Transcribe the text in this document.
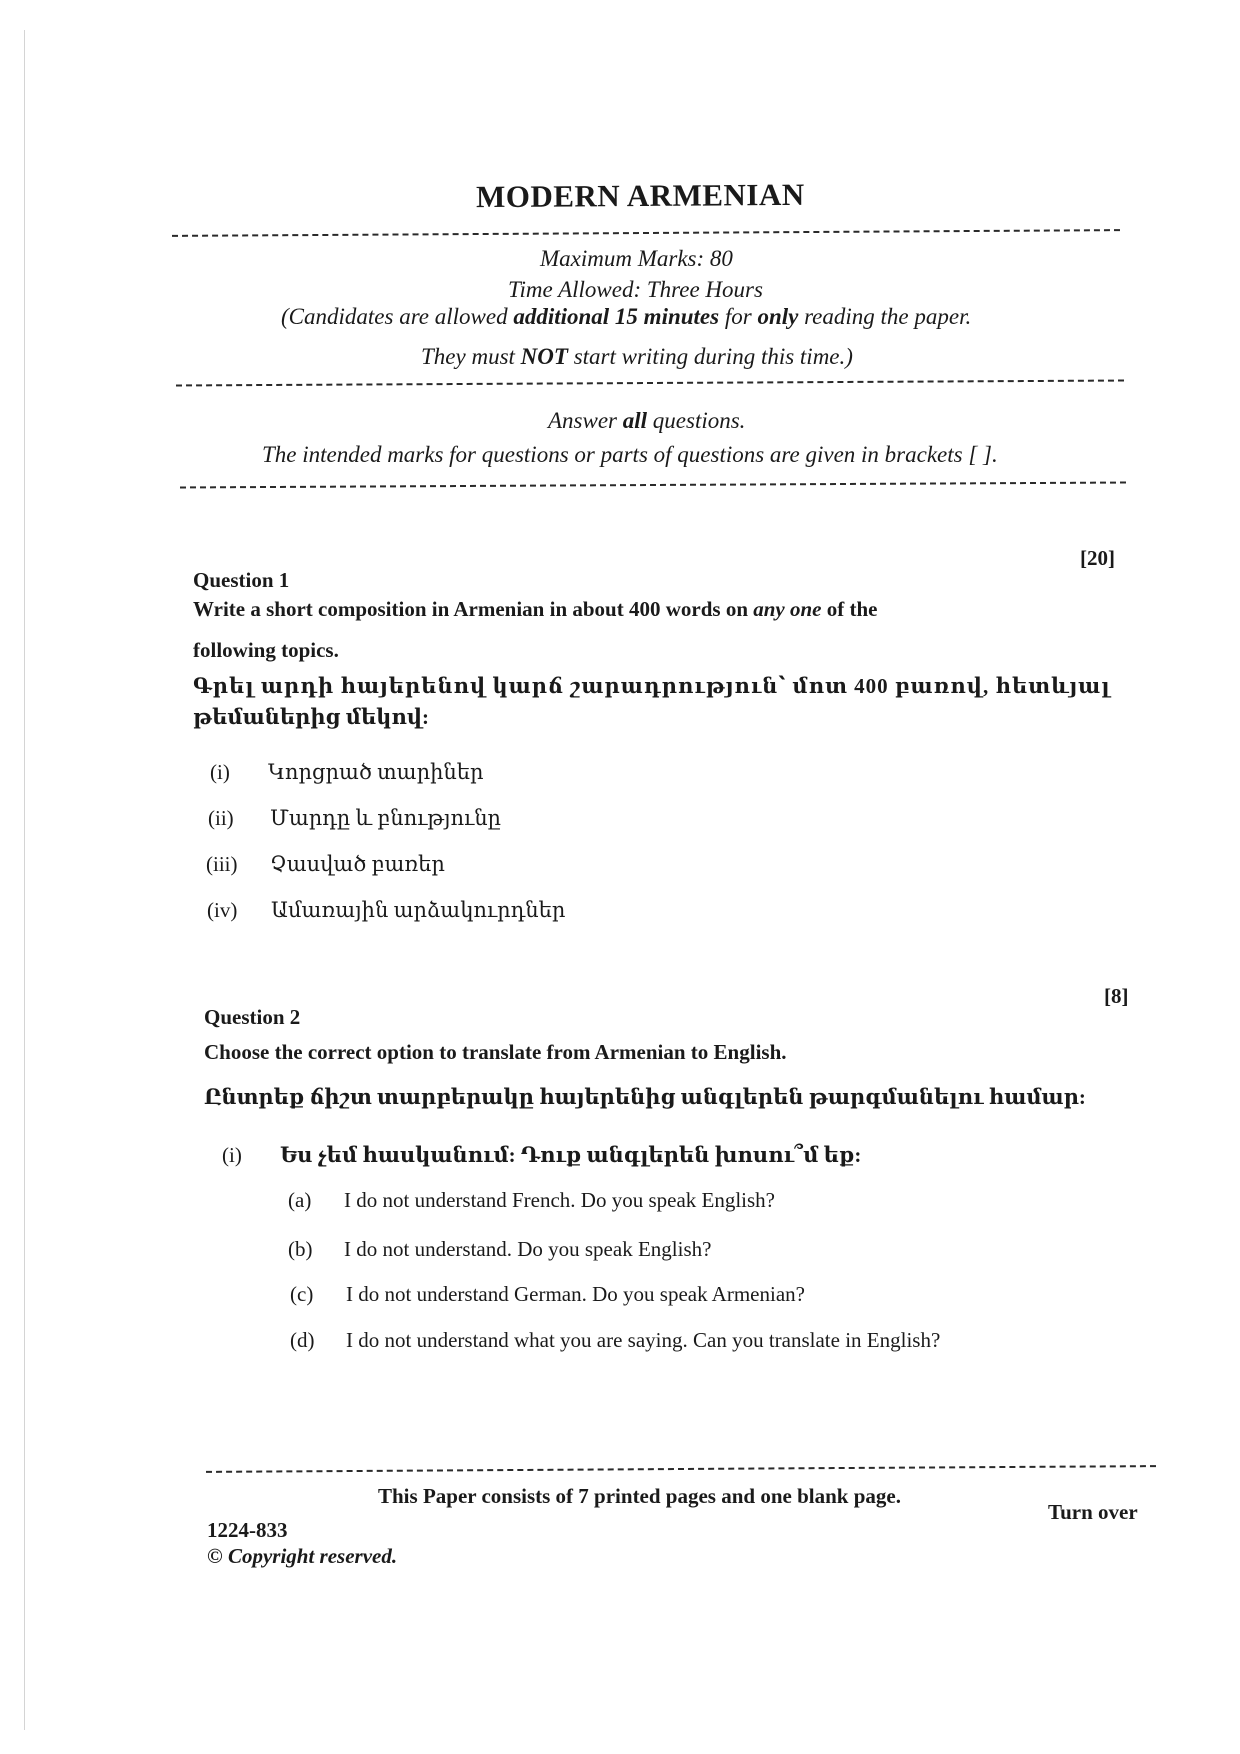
MODERN ARMENIAN
Maximum Marks: 80
Time Allowed: Three Hours
(Candidates are allowed additional 15 minutes for only reading the paper.
They must NOT start writing during this time.)
Answer all questions.
The intended marks for questions or parts of questions are given in brackets [ ].
[20]
Question 1
Write a short composition in Armenian in about 400 words on any one of the
following topics.
Գրել արդի հայերենով կարճ շարադրություն՝ մոտ 400 բառով, հետևյալ
թեմաներից մեկով:
(i) Կորցրած տարիներ
(ii) Մարդը և բնությունը
(iii) Չասված բառեր
(iv) Ամառային արձակուրդներ
[8]
Question 2
Choose the correct option to translate from Armenian to English.
Ընտրեք ճիշտ տարբերակը հայերենից անգլերեն թարգմանելու համար:
(i) Ես չեմ հասկանում: Դուք անգլերեն խոսու՞մ եք:
(a) I do not understand French. Do you speak English?
(b) I do not understand. Do you speak English?
(c) I do not understand German. Do you speak Armenian?
(d) I do not understand what you are saying. Can you translate in English?
This Paper consists of 7 printed pages and one blank page.
Turn over
1224-833
© Copyright reserved.
